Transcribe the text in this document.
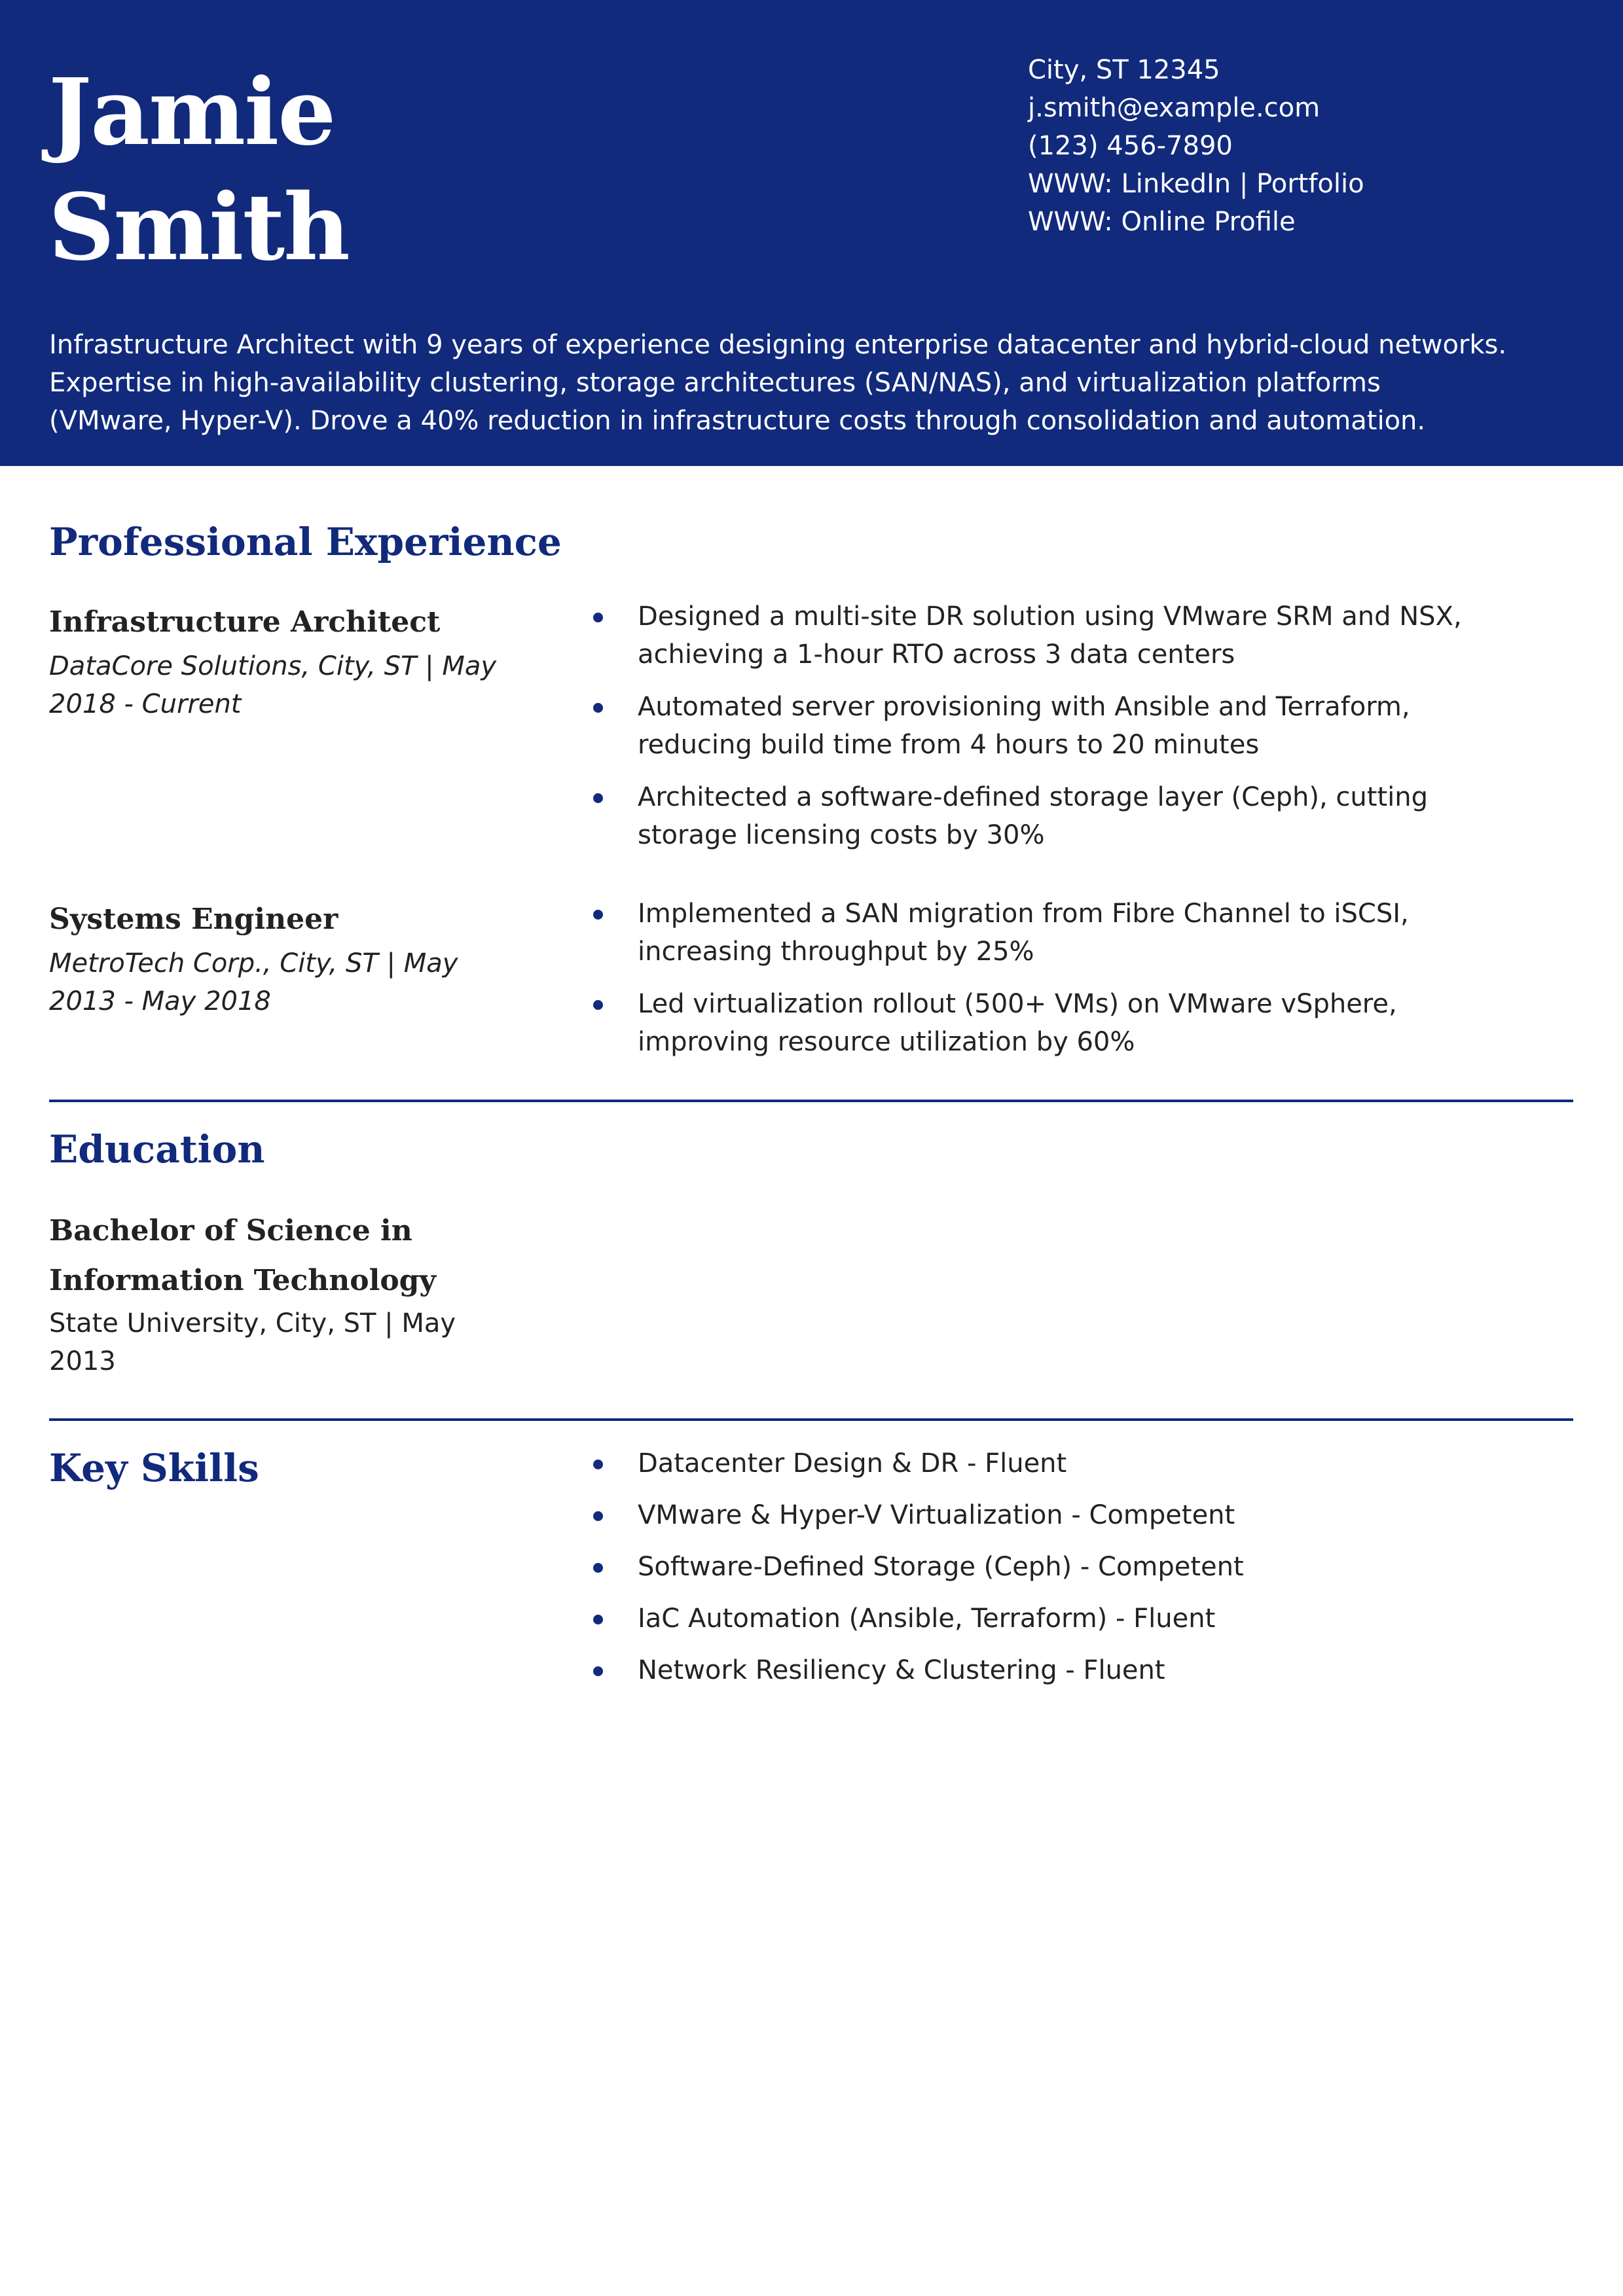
Jamie
Smith
City, ST 12345
j.smith@example.com
(123) 456-7890
WWW: LinkedIn | Portfolio
WWW: Online Profile
Infrastructure Architect with 9 years of experience designing enterprise datacenter and hybrid-cloud networks.
Expertise in high-availability clustering, storage architectures (SAN/NAS), and virtualization platforms
(VMware, Hyper-V). Drove a 40% reduction in infrastructure costs through consolidation and automation.
Professional Experience
Infrastructure Architect
DataCore Solutions, City, ST | May
2018 - Current
Designed a multi-site DR solution using VMware SRM and NSX,
achieving a 1-hour RTO across 3 data centers
Automated server provisioning with Ansible and Terraform,
reducing build time from 4 hours to 20 minutes
Architected a software-defined storage layer (Ceph), cutting
storage licensing costs by 30%
Systems Engineer
MetroTech Corp., City, ST | May
2013 - May 2018
Implemented a SAN migration from Fibre Channel to iSCSI,
increasing throughput by 25%
Led virtualization rollout (500+ VMs) on VMware vSphere,
improving resource utilization by 60%
Education
Bachelor of Science in
Information Technology
State University, City, ST | May
2013
Key Skills	Datacenter Design & DR - Fluent
VMware & Hyper-V Virtualization - Competent
Software-Defined Storage (Ceph) - Competent
IaC Automation (Ansible, Terraform) - Fluent
Network Resiliency & Clustering - Fluent
